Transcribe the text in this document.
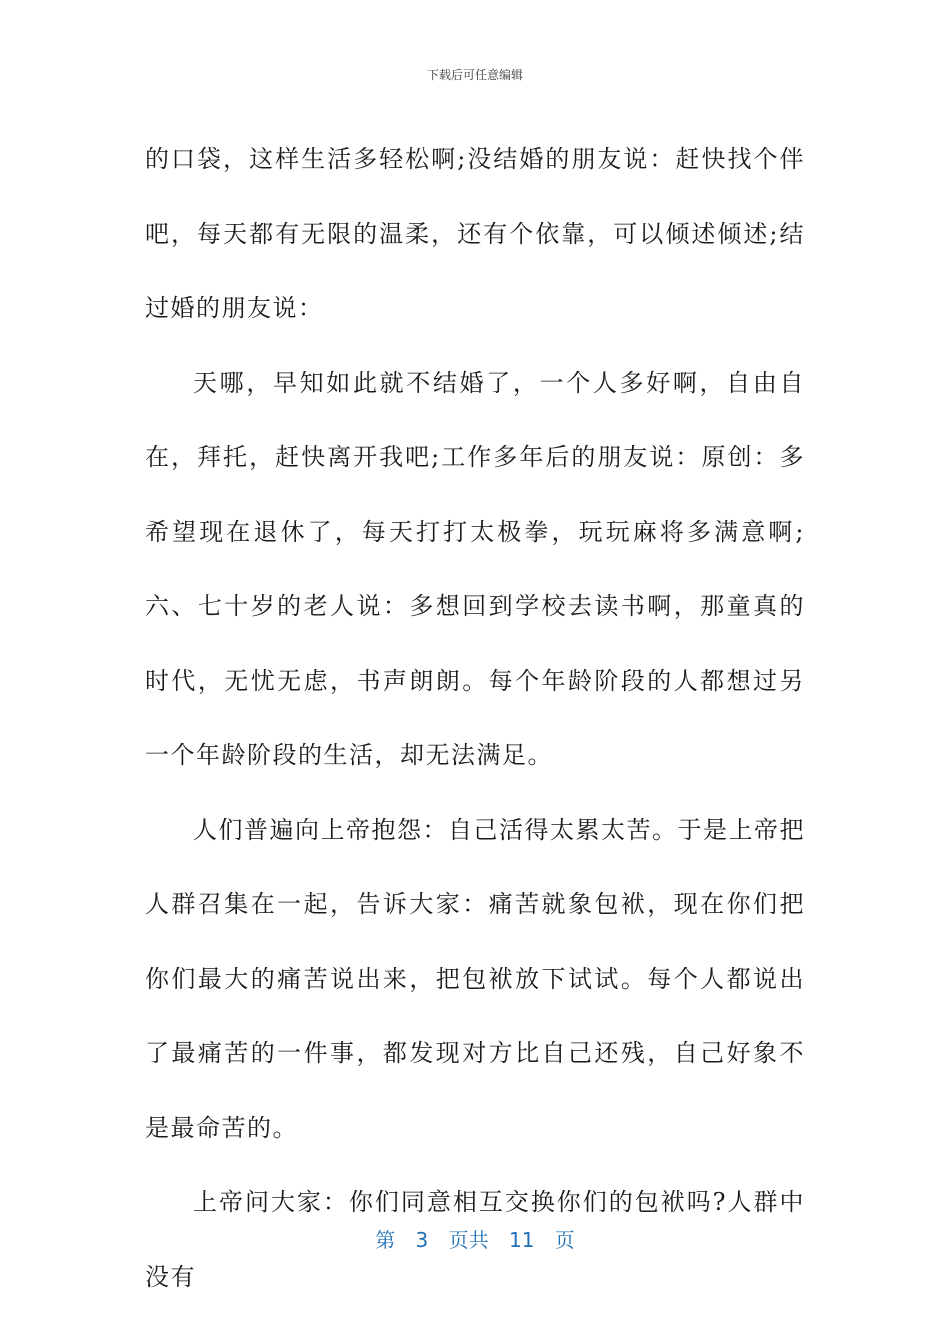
下载后可任意编辑

的口袋，这样生活多轻松啊;没结婚的朋友说：赶快找个伴吧，每天都有无限的温柔，还有个依靠，可以倾述倾述;结过婚的朋友说：

天哪，早知如此就不结婚了，一个人多好啊，自由自在，拜托，赶快离开我吧;工作多年后的朋友说：原创：多希望现在退休了，每天打打太极拳，玩玩麻将多满意啊;六、七十岁的老人说：多想回到学校去读书啊，那童真的时代，无忧无虑，书声朗朗。每个年龄阶段的人都想过另一个年龄阶段的生活，却无法满足。

人们普遍向上帝抱怨：自己活得太累太苦。于是上帝把人群召集在一起，告诉大家：痛苦就象包袱，现在你们把你们最大的痛苦说出来，把包袱放下试试。每个人都说出了最痛苦的一件事，都发现对方比自己还残，自己好象不是最命苦的。

上帝问大家：你们同意相互交换你们的包袱吗?人群中没有

第 3 页共 11 页
